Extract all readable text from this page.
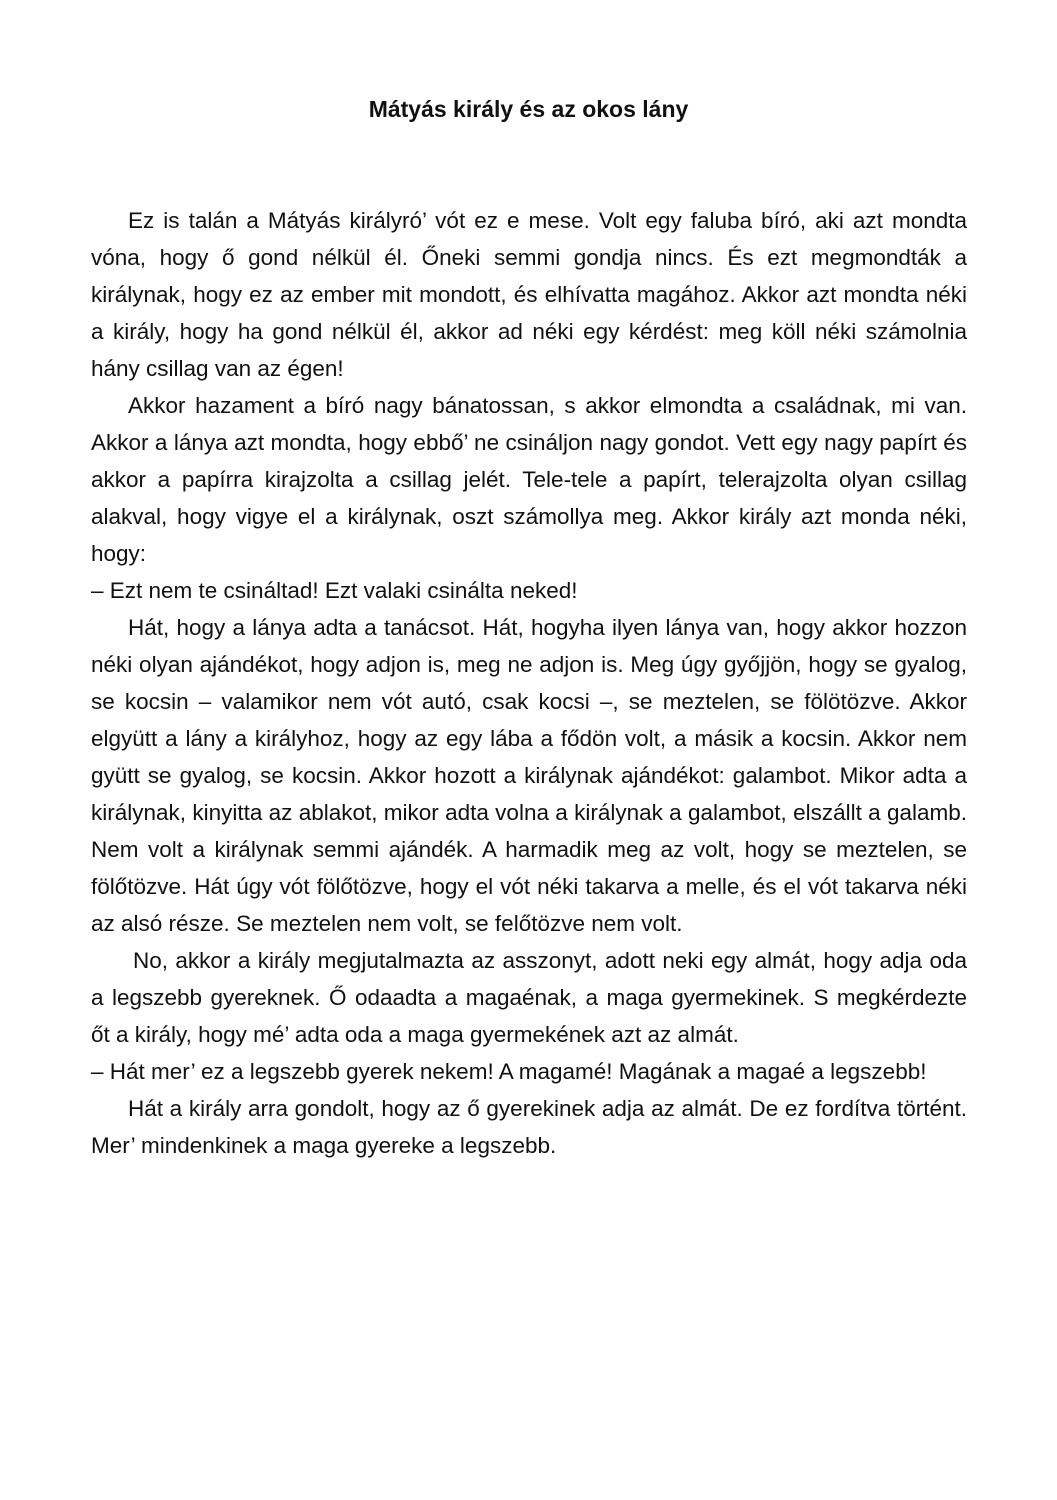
Mátyás király és az okos lány

Ez is talán a Mátyás királyró’ vót ez e mese. Volt egy faluba bíró, aki azt mondta vóna, hogy ő gond nélkül él. Őneki semmi gondja nincs. És ezt megmondták a királynak, hogy ez az ember mit mondott, és elhívatta magához. Akkor azt mondta néki a király, hogy ha gond nélkül él, akkor ad néki egy kérdést: meg köll néki számolnia hány csillag van az égen!

Akkor hazament a bíró nagy bánatossan, s akkor elmondta a családnak, mi van. Akkor a lánya azt mondta, hogy ebbő’ ne csináljon nagy gondot. Vett egy nagy papírt és akkor a papírra kirajzolta a csillag jelét. Tele-tele a papírt, telerajzolta olyan csillag alakval, hogy vigye el a királynak, oszt számollya meg. Akkor király azt monda néki, hogy:

– Ezt nem te csináltad! Ezt valaki csinálta neked!

Hát, hogy a lánya adta a tanácsot. Hát, hogyha ilyen lánya van, hogy akkor hozzon néki olyan ajándékot, hogy adjon is, meg ne adjon is. Meg úgy győjjön, hogy se gyalog, se kocsin – valamikor nem vót autó, csak kocsi –, se meztelen, se fölötözve. Akkor elgyütt a lány a királyhoz, hogy az egy lába a fődön volt, a másik a kocsin. Akkor nem gyütt se gyalog, se kocsin. Akkor hozott a királynak ajándékot: galambot. Mikor adta a királynak, kinyitta az ablakot, mikor adta volna a királynak a galambot, elszállt a galamb. Nem volt a királynak semmi ajándék. A harmadik meg az volt, hogy se meztelen, se fölőtözve. Hát úgy vót fölőtözve, hogy el vót néki takarva a melle, és el vót takarva néki az alsó része. Se meztelen nem volt, se felőtözve nem volt.

No, akkor a király megjutalmazta az asszonyt, adott neki egy almát, hogy adja oda a legszebb gyereknek. Ő odaadta a magaénak, a maga gyermekinek. S megkérdezte őt a király, hogy mé’ adta oda a maga gyermekének azt az almát.

– Hát mer’ ez a legszebb gyerek nekem! A magamé! Magának a magaé a legszebb!

Hát a király arra gondolt, hogy az ő gyerekinek adja az almát. De ez fordítva történt. Mer’ mindenkinek a maga gyereke a legszebb.
